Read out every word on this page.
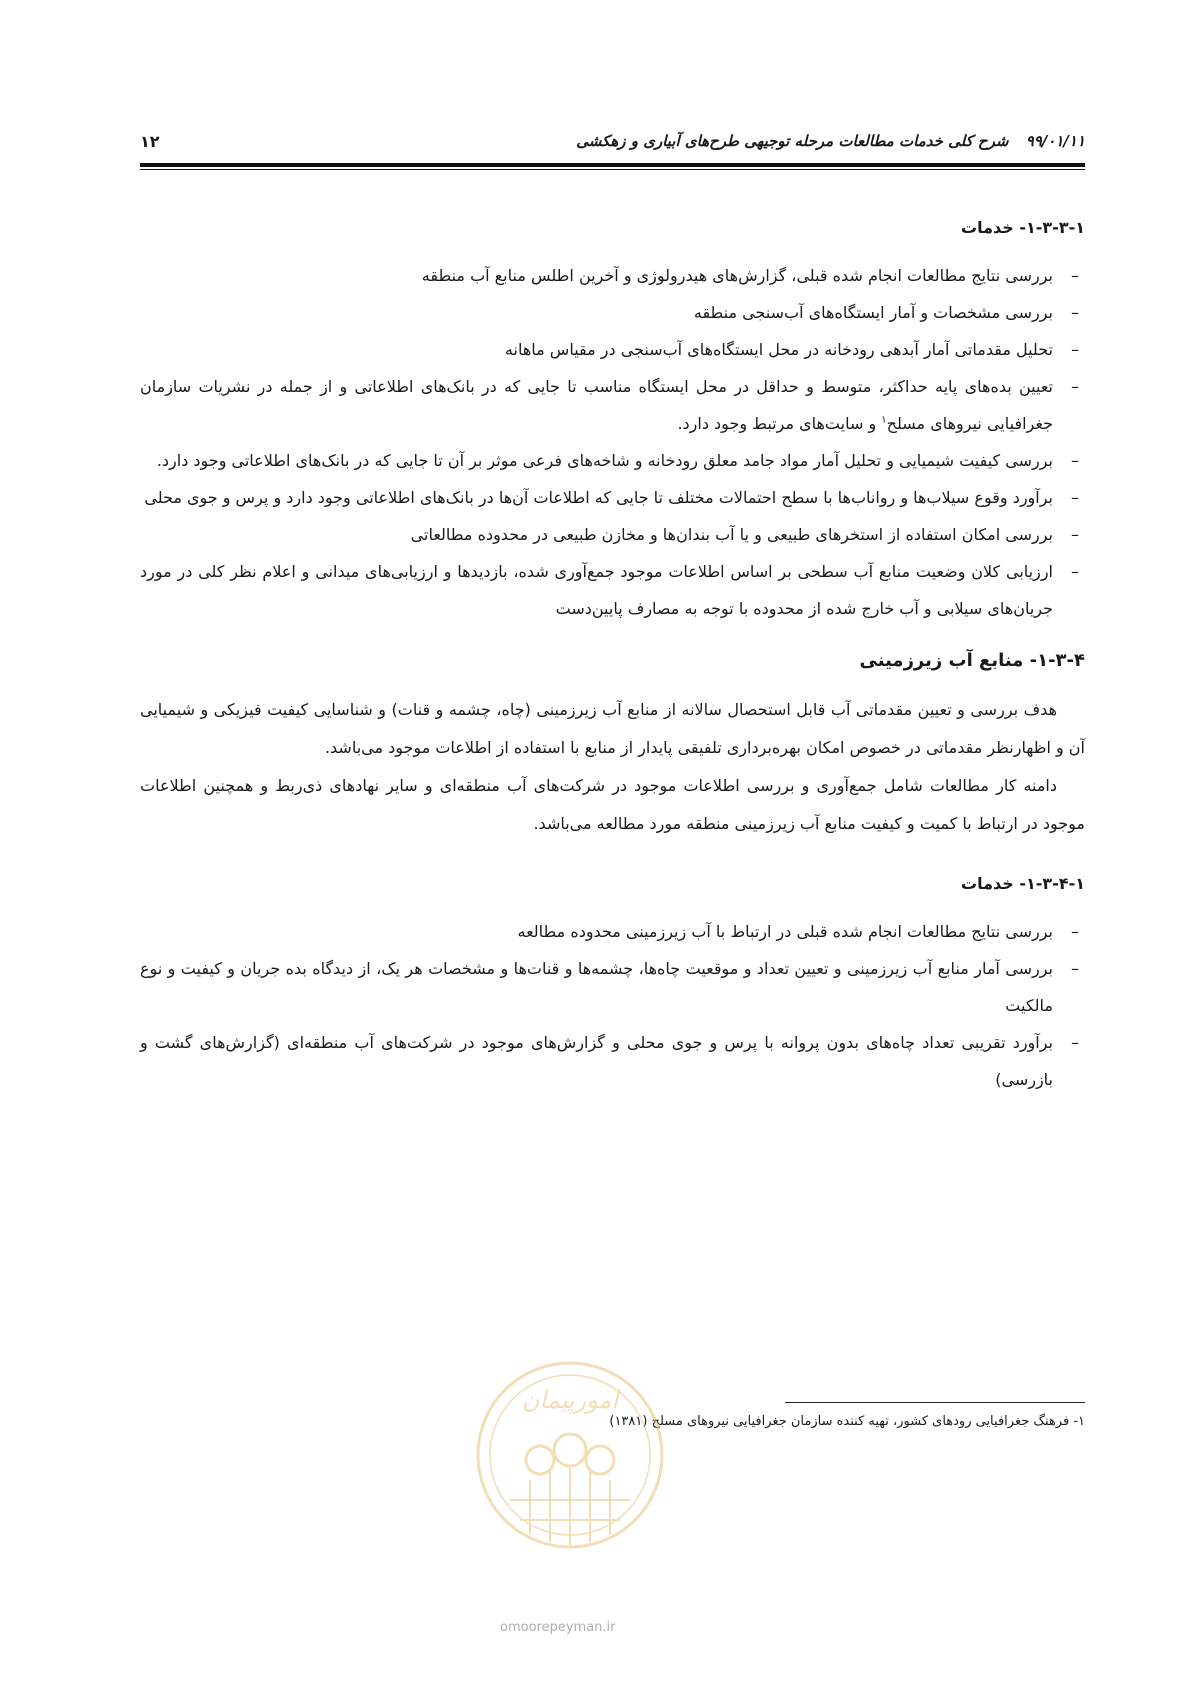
۹۹/۰۱/۱۱ شرح کلی خدمات مطالعات مرحله توجیهی طرح‌های آبیاری و زهکشی
۱۲
۱-۳-۳-۱- خدمات
–
بررسی نتایج مطالعات انجام شده قبلی، گزارش‌های هیدرولوژی و آخرین اطلس منابع آب منطقه
–
بررسی مشخصات و آمار ایستگاه‌های آب‌سنجی منطقه
–
تحلیل مقدماتی آمار آبدهی رودخانه در محل ایستگاه‌های آب‌سنجی در مقیاس ماهانه
–
تعیین بده‌های پایه حداکثر، متوسط و حداقل در محل ایستگاه مناسب تا جایی که در بانک‌های اطلاعاتی و از جمله در نشریات سازمان جغرافیایی نیروهای مسلح$^۱$ و سایت‌های مرتبط وجود دارد.
–
بررسی کیفیت شیمیایی و تحلیل آمار مواد جامد معلق رودخانه و شاخه‌های فرعی موثر بر آن تا جایی که در بانک‌های اطلاعاتی وجود دارد.
–
برآورد وقوع سیلاب‌ها و رواناب‌ها با سطح احتمالات مختلف تا جایی که اطلاعات آن‌ها در بانک‌های اطلاعاتی وجود دارد و پرس و جوی محلی
–
بررسی امکان استفاده از استخرهای طبیعی و یا آب بندان‌ها و مخازن طبیعی در محدوده مطالعاتی
–
ارزیابی کلان وضعیت منابع آب سطحی بر اساس اطلاعات موجود جمع‌آوری شده، بازدیدها و ارزیابی‌های میدانی و اعلام نظر کلی در مورد جریان‌های سیلابی و آب خارج شده از محدوده با توجه به مصارف پایین‌دست
۱-۳-۴- منابع آب زیرزمینی

هدف بررسی و تعیین مقدماتی آب قابل استحصال سالانه از منابع آب زیرزمینی (چاه، چشمه و قنات) و شناسایی کیفیت فیزیکی و شیمیایی آن و اظهارنظر مقدماتی در خصوص امکان بهره‌برداری تلفیقی پایدار از منابع با استفاده از اطلاعات موجود می‌باشد.

دامنه کار مطالعات شامل جمع‌آوری و بررسی اطلاعات موجود در شرکت‌های آب منطقه‌ای و سایر نهادهای ذی‌ربط و همچنین اطلاعات موجود در ارتباط با کمیت و کیفیت منابع آب زیرزمینی منطقه مورد مطالعه می‌باشد.

۱-۳-۴-۱- خدمات
–
بررسی نتایج مطالعات انجام شده قبلی در ارتباط با آب زیرزمینی محدوده مطالعه
–
بررسی آمار منابع آب زیرزمینی و تعیین تعداد و موقعیت چاه‌ها، چشمه‌ها و قنات‌ها و مشخصات هر یک، از دیدگاه بده جریان و کیفیت و نوع مالکیت
–
برآورد تقریبی تعداد چاه‌های بدون پروانه با پرس و جوی محلی و گزارش‌های موجود در شرکت‌های آب منطقه‌ای (گزارش‌های گشت و بازرسی)
۱- فرهنگ جغرافیایی رودهای کشور، تهیه کننده سازمان جغرافیایی نیروهای مسلح (۱۳۸۱)
امورپیمان
omoorepeyman.ir
